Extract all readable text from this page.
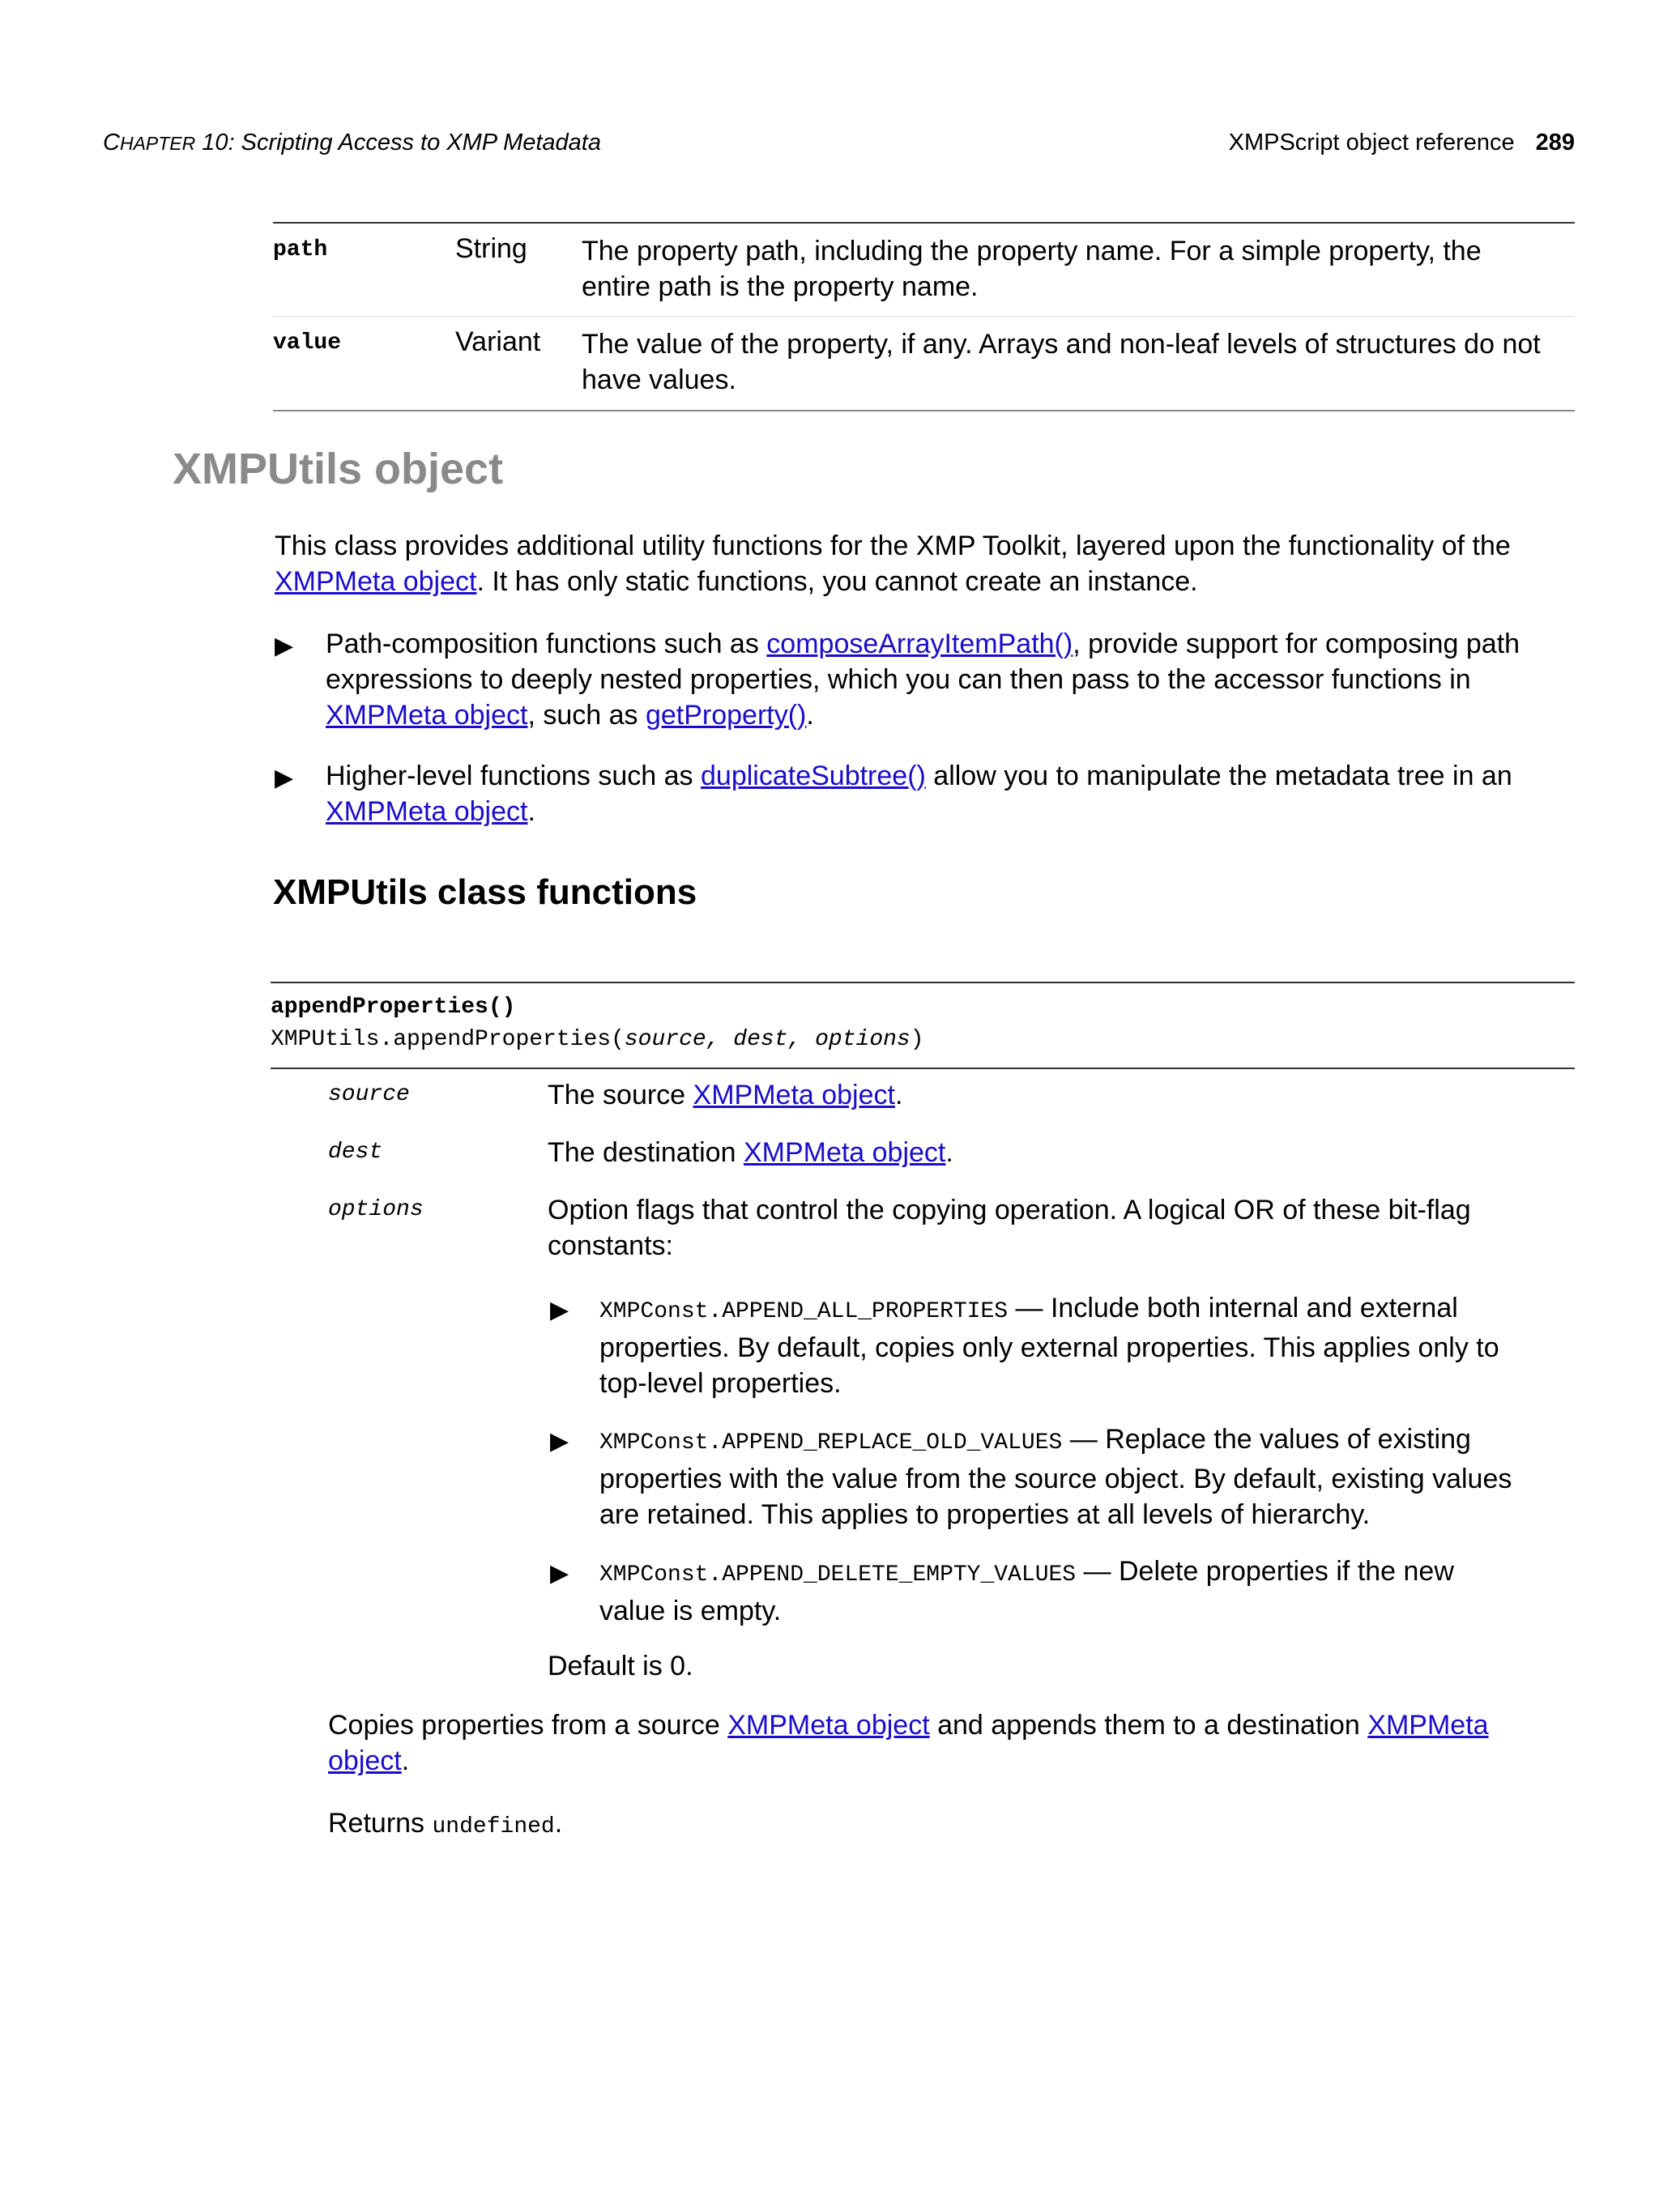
CHAPTER 10: Scripting Access to XMP Metadata	XMPScript object reference 289
path	String The property path, including the property name. For a simple property, the
entire path is the property name.
value	Variant The value of the property, if any. Arrays and non-leaf levels of structures do not
have values.
XMPUtils object
This class provides additional utility functions for the XMP Toolkit, layered upon the functionality of the
XMPMeta object. It has only static functions, you cannot create an instance.
▶ Path-composition functions such as composeArrayItemPath(), provide support for composing path
expressions to deeply nested properties, which you can then pass to the accessor functions in
XMPMeta object, such as getProperty().
▶ Higher-level functions such as duplicateSubtree() allow you to manipulate the metadata tree in an
XMPMeta object.
XMPUtils class functions
appendProperties()
XMPUtils.appendProperties(source, dest, options)
source	The source XMPMeta object.
dest	The destination XMPMeta object.
options	Option flags that control the copying operation. A logical OR of these bit-flag
constants:
▶ XMPConst.APPEND_ALL_PROPERTIES — Include both internal and external
properties. By default, copies only external properties. This applies only to
top-level properties.
▶ XMPConst.APPEND_REPLACE_OLD_VALUES — Replace the values of existing
properties with the value from the source object. By default, existing values
are retained. This applies to properties at all levels of hierarchy.
▶ XMPConst.APPEND_DELETE_EMPTY_VALUES — Delete properties if the new
value is empty.
Default is 0.
Copies properties from a source XMPMeta object and appends them to a destination XMPMeta
object.
Returns undefined.
